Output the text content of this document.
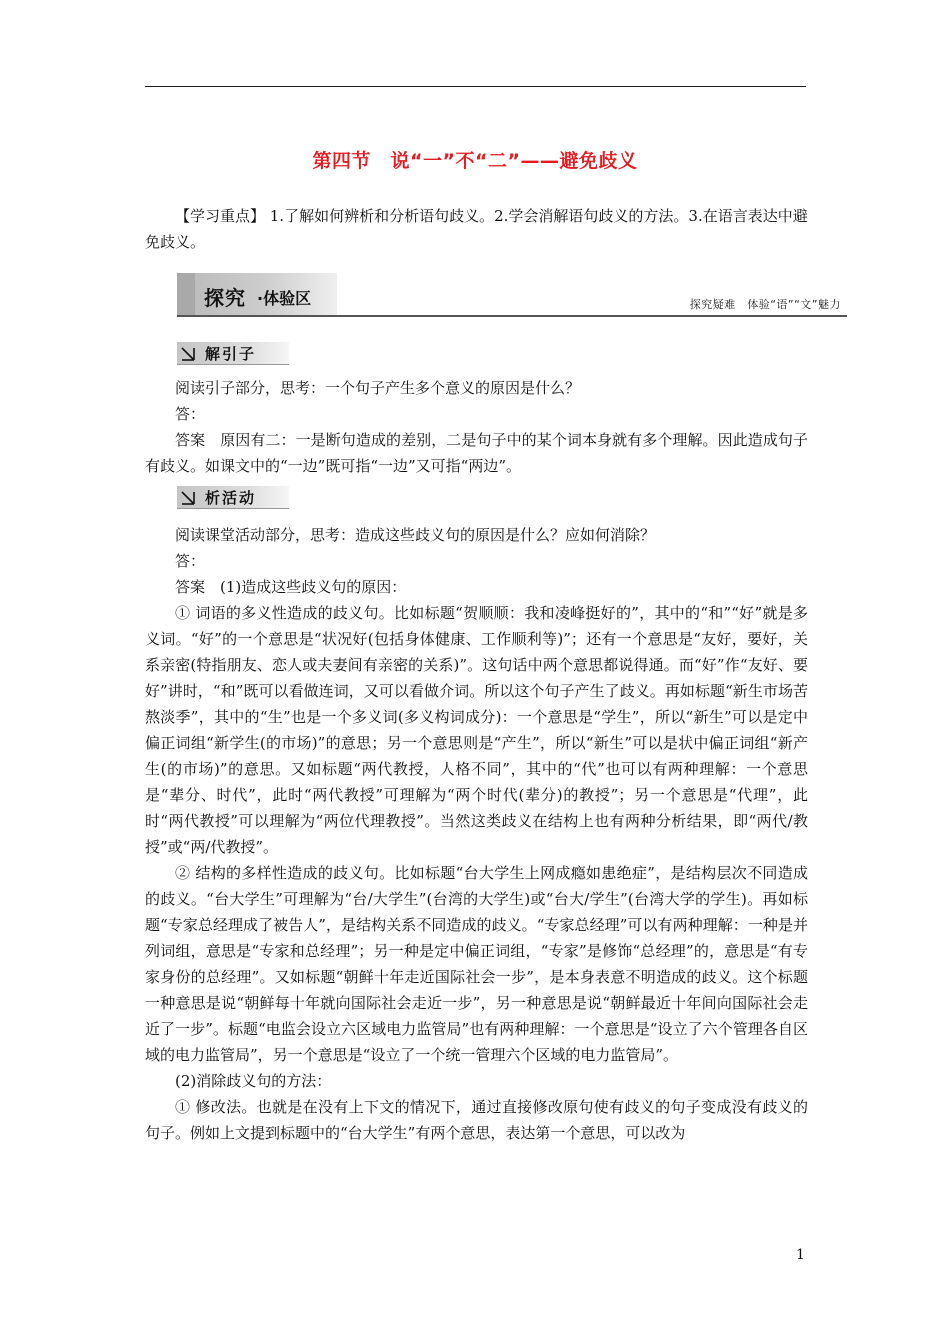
第四节　说“一”不“二”——避免歧义
【学习重点】 1.了解如何辨析和分析语句歧义。2.学会消解语句歧义的方法。3.在语言表达中避免歧义。
探究 ·体验区	探究疑难　体验“语”“文”魅力
解引子

阅读引子部分，思考：一个句子产生多个意义的原因是什么？

答：

答案　原因有二：一是断句造成的差别，二是句子中的某个词本身就有多个理解。因此造成句子有歧义。如课文中的“一边”既可指“一边”又可指“两边”。

析活动

阅读课堂活动部分，思考：造成这些歧义句的原因是什么？应如何消除？

答：

答案　(1)造成这些歧义句的原因：

① 词语的多义性造成的歧义句。比如标题“贺顺顺：我和凌峰挺好的”，其中的“和”“好”就是多义词。“好”的一个意思是“状况好(包括身体健康、工作顺利等)”；还有一个意思是“友好，要好，关系亲密(特指朋友、恋人或夫妻间有亲密的关系)”。这句话中两个意思都说得通。而“好”作“友好、要好”讲时，“和”既可以看做连词，又可以看做介词。所以这个句子产生了歧义。再如标题“新生市场苦熬淡季”，其中的“生”也是一个多义词(多义构词成分)：一个意思是“学生”，所以“新生”可以是定中偏正词组“新学生(的市场)”的意思；另一个意思则是“产生”，所以“新生”可以是状中偏正词组“新产生(的市场)”的意思。又如标题“两代教授，人格不同”，其中的“代”也可以有两种理解：一个意思是“辈分、时代”，此时“两代教授”可理解为“两个时代(辈分)的教授”；另一个意思是“代理”，此时“两代教授”可以理解为“两位代理教授”。当然这类歧义在结构上也有两种分析结果，即“两代/教授”或“两/代教授”。

② 结构的多样性造成的歧义句。比如标题“台大学生上网成瘾如患绝症”，是结构层次不同造成的歧义。“台大学生”可理解为“台/大学生”(台湾的大学生)或“台大/学生”(台湾大学的学生)。再如标题“专家总经理成了被告人”，是结构关系不同造成的歧义。“专家总经理”可以有两种理解：一种是并列词组，意思是“专家和总经理”；另一种是定中偏正词组，“专家”是修饰“总经理”的，意思是“有专家身份的总经理”。又如标题“朝鲜十年走近国际社会一步”，是本身表意不明造成的歧义。这个标题一种意思是说“朝鲜每十年就向国际社会走近一步”，另一种意思是说“朝鲜最近十年间向国际社会走近了一步”。标题“电监会设立六区域电力监管局”也有两种理解：一个意思是“设立了六个管理各自区域的电力监管局”，另一个意思是“设立了一个统一管理六个区域的电力监管局”。

(2)消除歧义句的方法：

① 修改法。也就是在没有上下文的情况下，通过直接修改原句使有歧义的句子变成没有歧义的句子。例如上文提到标题中的“台大学生”有两个意思，表达第一个意思，可以改为

1
